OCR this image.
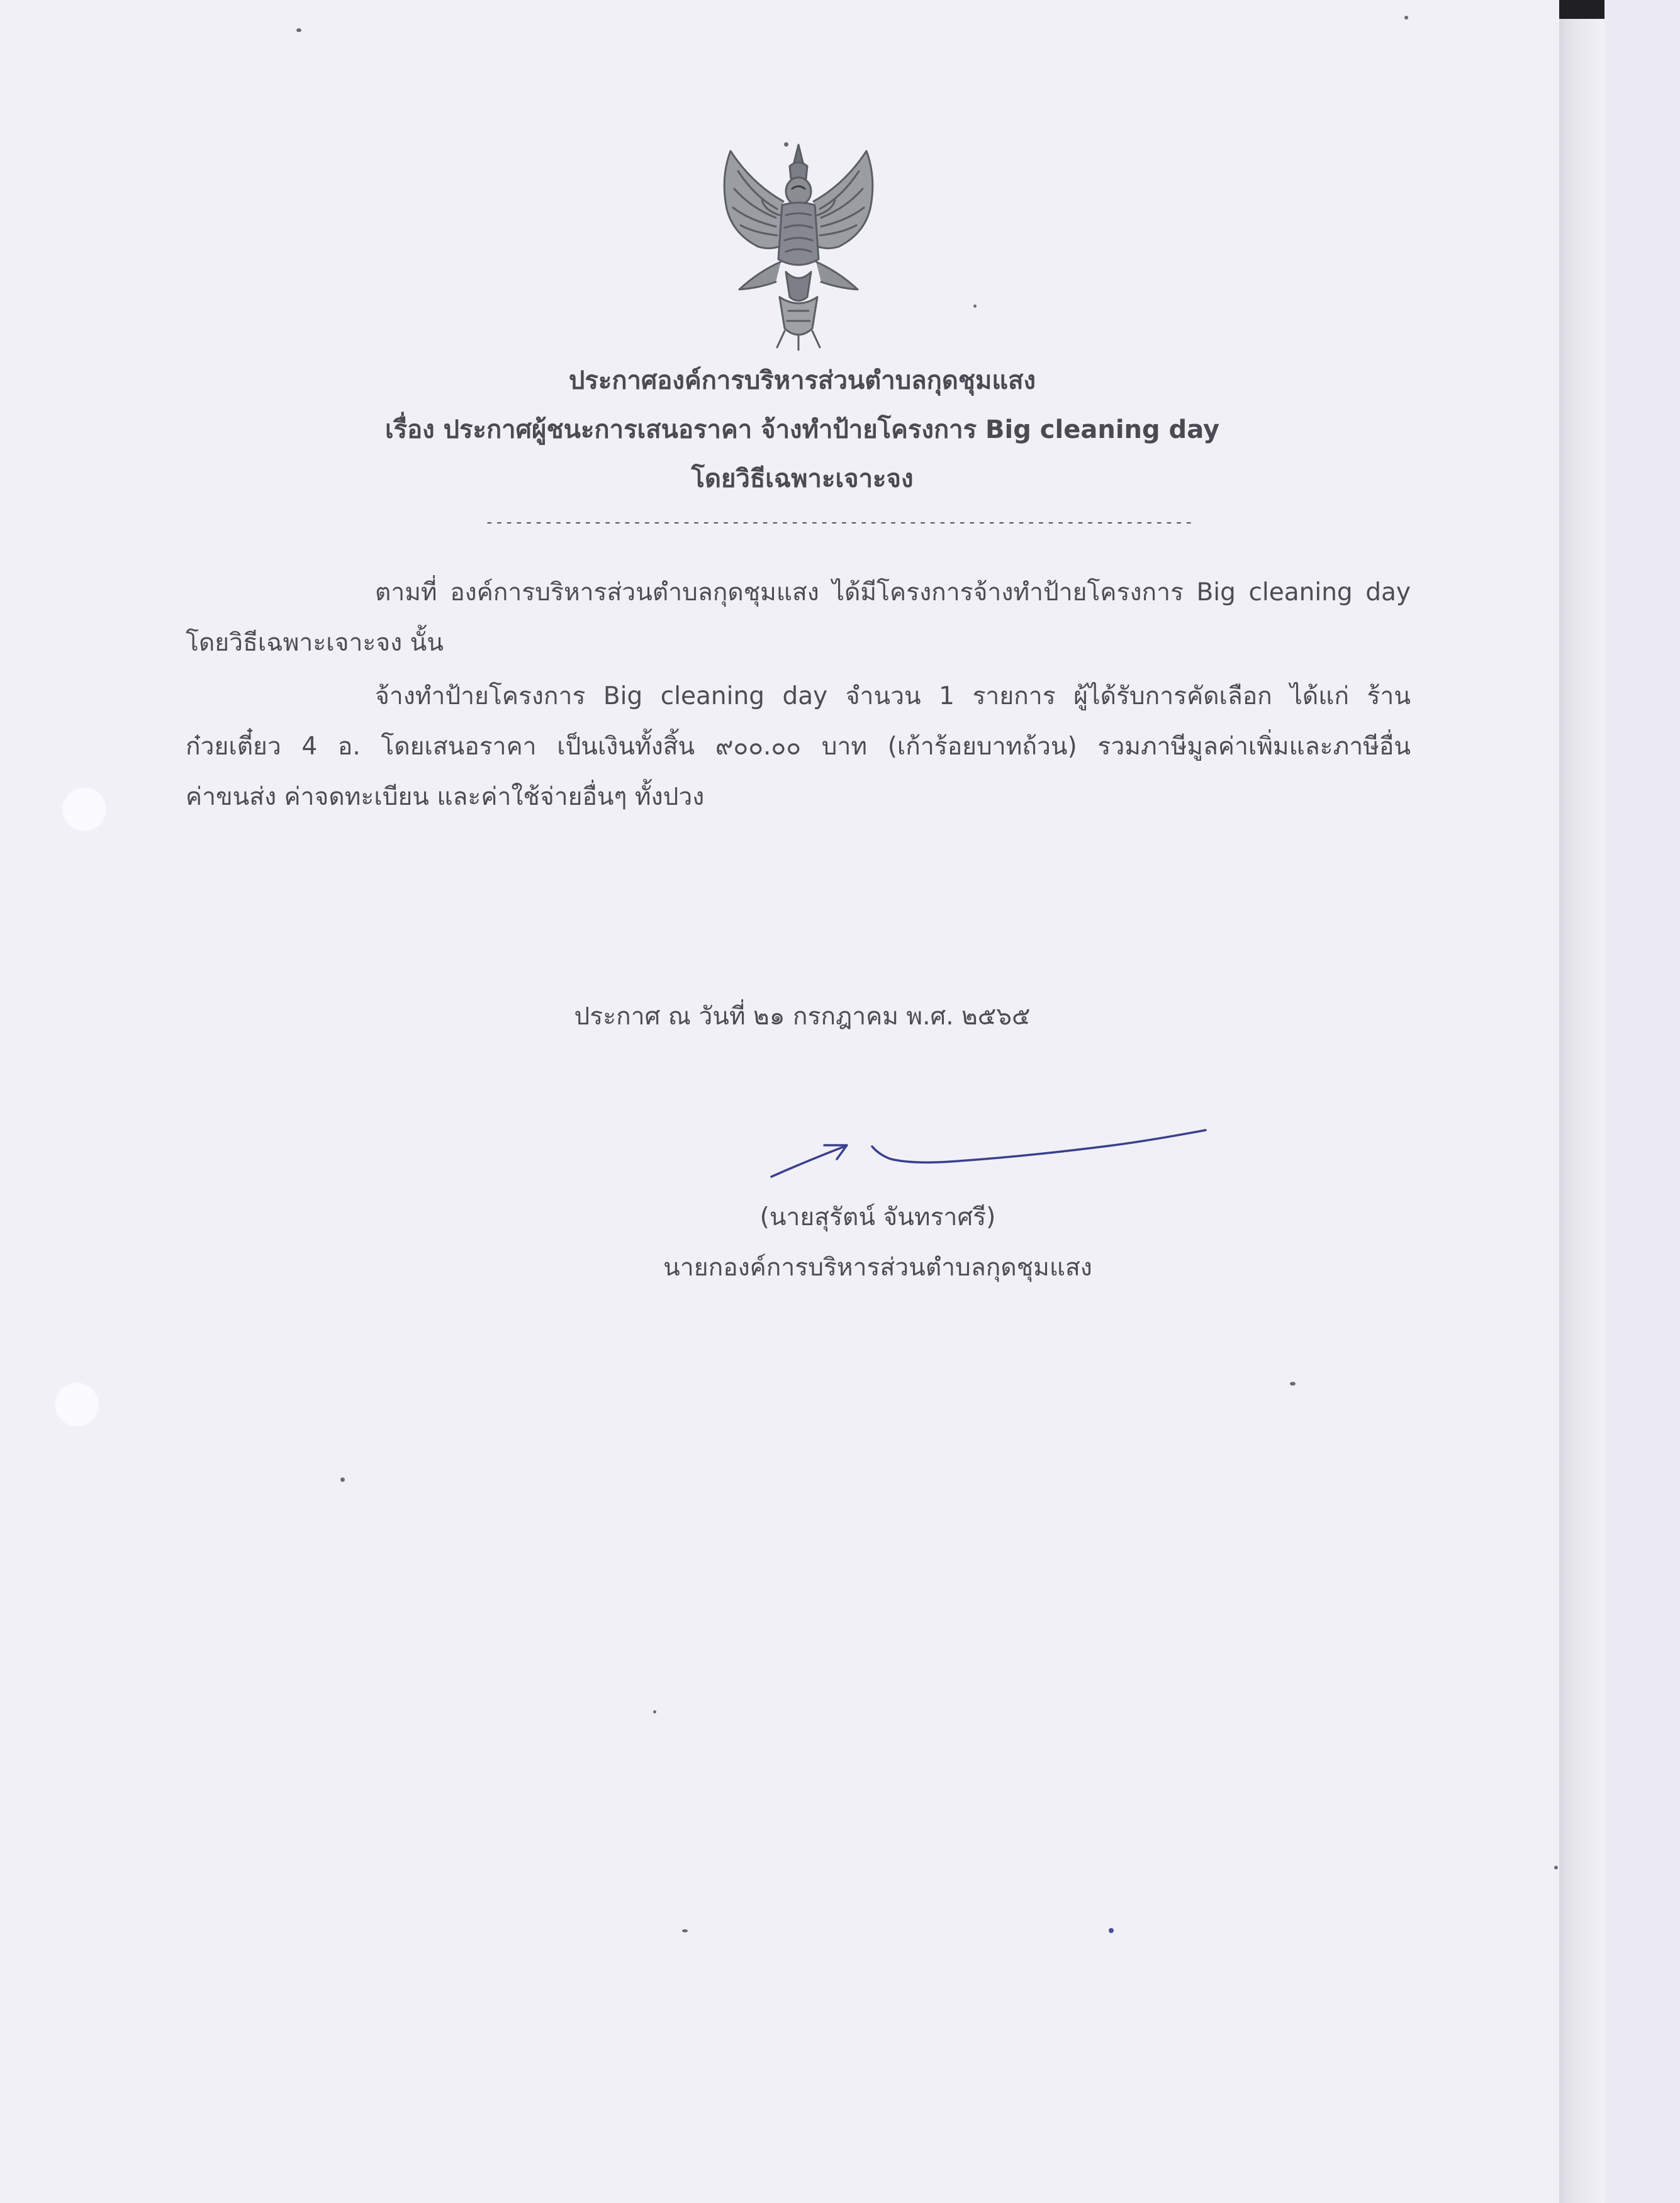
ประกาศองค์การบริหารส่วนตำบลกุดชุมแสง
เรื่อง ประกาศผู้ชนะการเสนอราคา จ้างทำป้ายโครงการ Big cleaning day
โดยวิธีเฉพาะเจาะจง
------------------------------------------------------------------------
ตามที่ องค์การบริหารส่วนตำบลกุดชุมแสง ได้มีโครงการจ้างทำป้ายโครงการ Big cleaning day
โดยวิธีเฉพาะเจาะจง นั้น
จ้างทำป้ายโครงการ Big cleaning day จำนวน 1 รายการ ผู้ได้รับการคัดเลือก ได้แก่ ร้าน
ก๋วยเตี๋ยว 4 อ. โดยเสนอราคา เป็นเงินทั้งสิ้น ๙๐๐.๐๐ บาท (เก้าร้อยบาทถ้วน) รวมภาษีมูลค่าเพิ่มและภาษีอื่น
ค่าขนส่ง ค่าจดทะเบียน และค่าใช้จ่ายอื่นๆ ทั้งปวง
ประกาศ ณ วันที่ ๒๑ กรกฎาคม พ.ศ. ๒๕๖๕
(นายสุรัตน์ จันทราศรี)
นายกองค์การบริหารส่วนตำบลกุดชุมแสง
